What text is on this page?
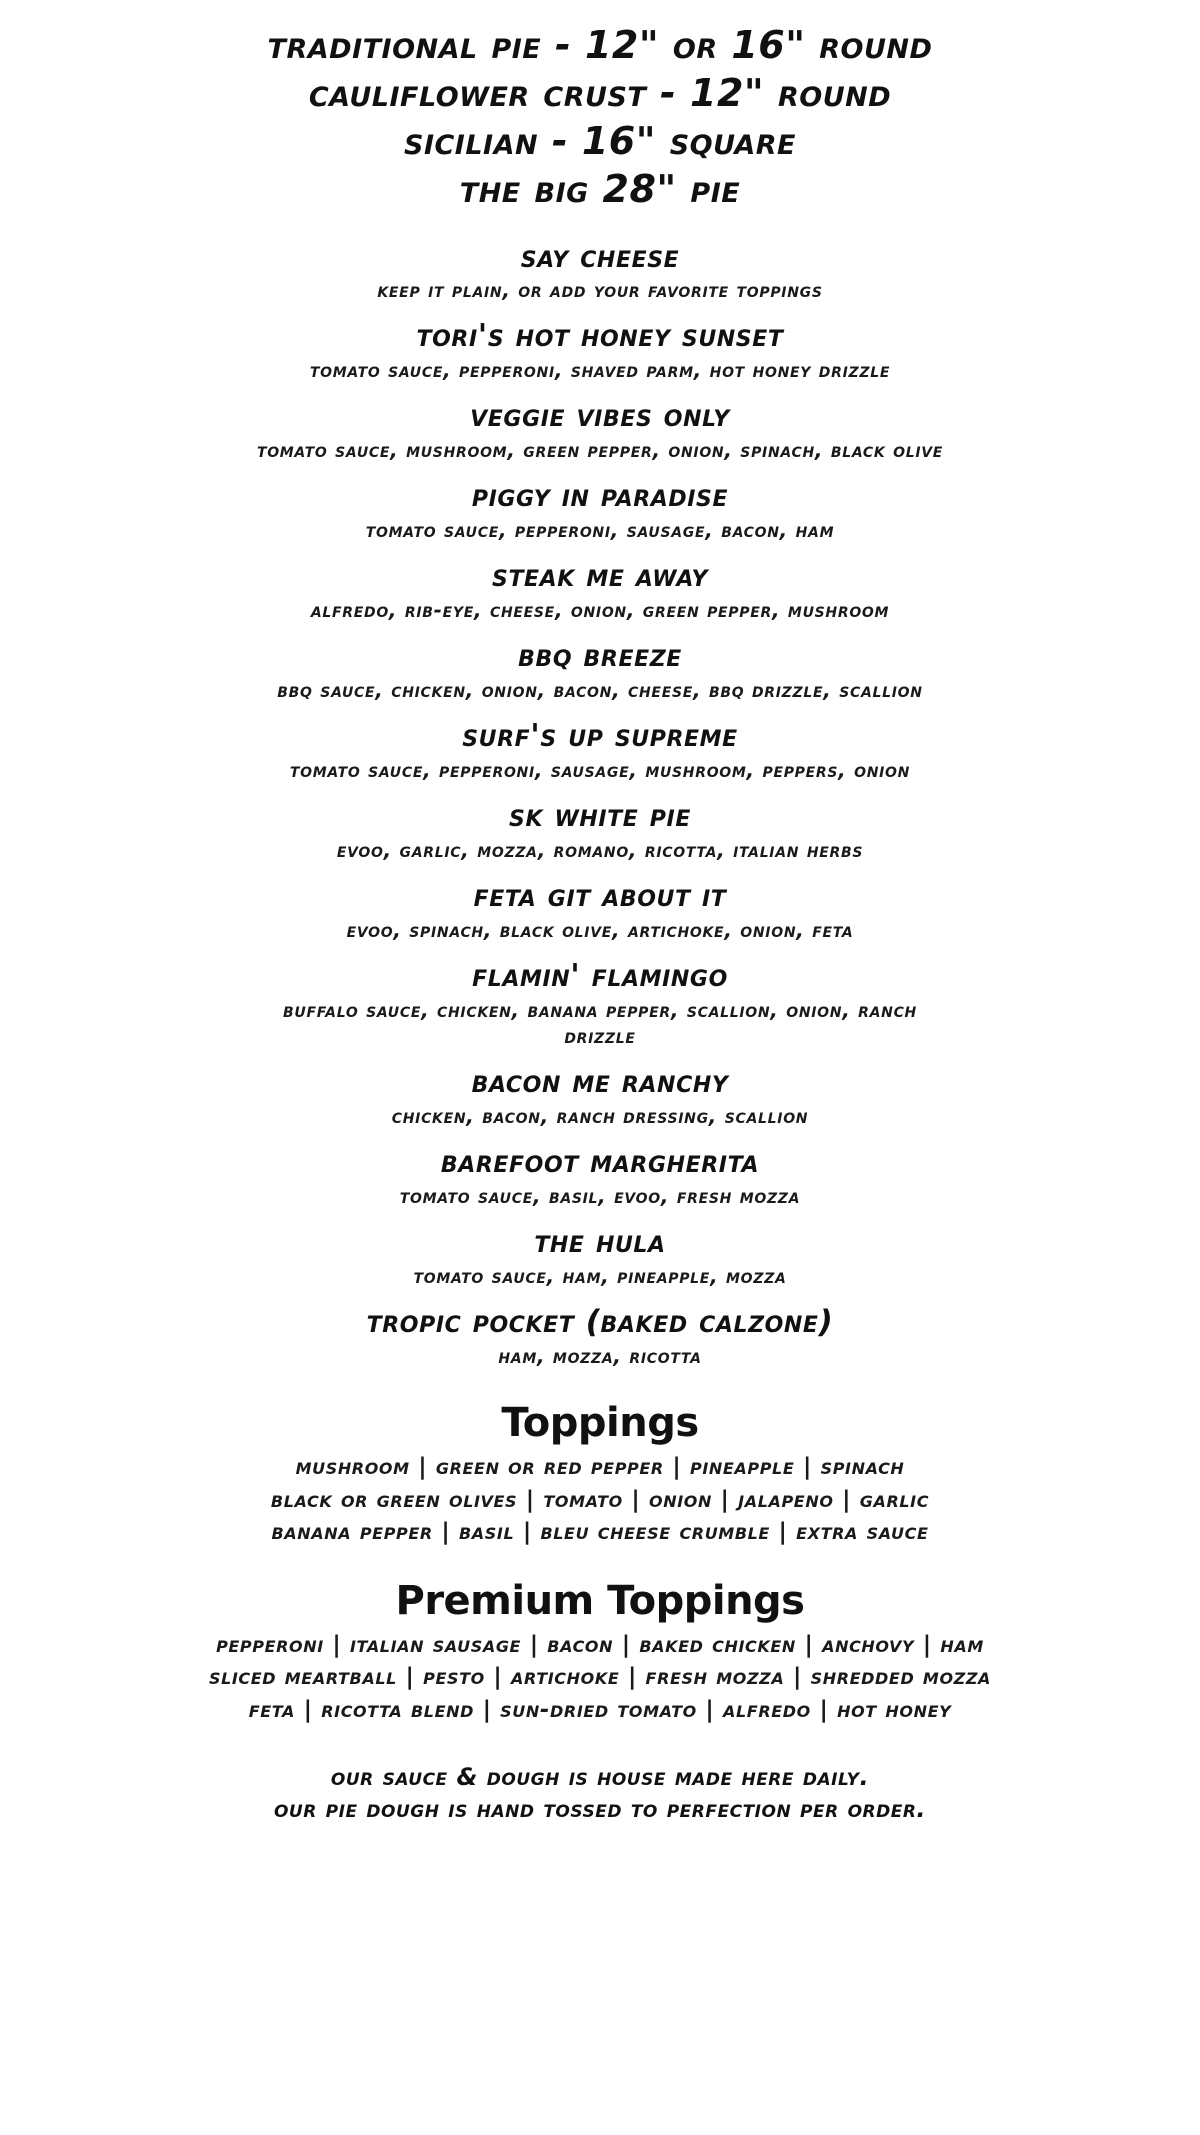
traditional pie - 12" or 16" round
cauliflower crust - 12" round
sicilian - 16" square
the big 28" pie
say cheese
keep it plain, or add your favorite toppings
tori's hot honey sunset
tomato sauce, pepperoni, shaved parm, hot honey drizzle
veggie vibes only
tomato sauce, mushroom, green pepper, onion, spinach, black olive
piggy in paradise
tomato sauce, pepperoni, sausage, bacon, ham
steak me away
alfredo, rib-eye, cheese, onion, green pepper, mushroom
bbq breeze
bbq sauce, chicken, onion, bacon, cheese, bbq drizzle, scallion
surf's up supreme
tomato sauce, pepperoni, sausage, mushroom, peppers, onion
sk white pie
evoo, garlic, mozza, romano, ricotta, italian herbs
feta git about it
evoo, spinach, black olive, artichoke, onion, feta
flamin' flamingo
buffalo sauce, chicken, banana pepper, scallion, onion, ranch drizzle
bacon me ranchy
chicken, bacon, ranch dressing, scallion
barefoot margherita
tomato sauce, basil, evoo, fresh mozza
the hula
tomato sauce, ham, pineapple, mozza
tropic pocket (baked calzone)
ham, mozza, ricotta
Toppings
mushroom | green or red pepper | pineapple | spinach
black or green olives | tomato | onion | jalapeno | garlic
banana pepper | basil | bleu cheese crumble | extra sauce
Premium Toppings
pepperoni | italian sausage | bacon | baked chicken | anchovy | ham
sliced meartball | pesto | artichoke | fresh mozza | shredded mozza
feta | ricotta blend | sun-dried tomato | alfredo | hot honey
our sauce & dough is house made here daily.
our pie dough is hand tossed to perfection per order.
